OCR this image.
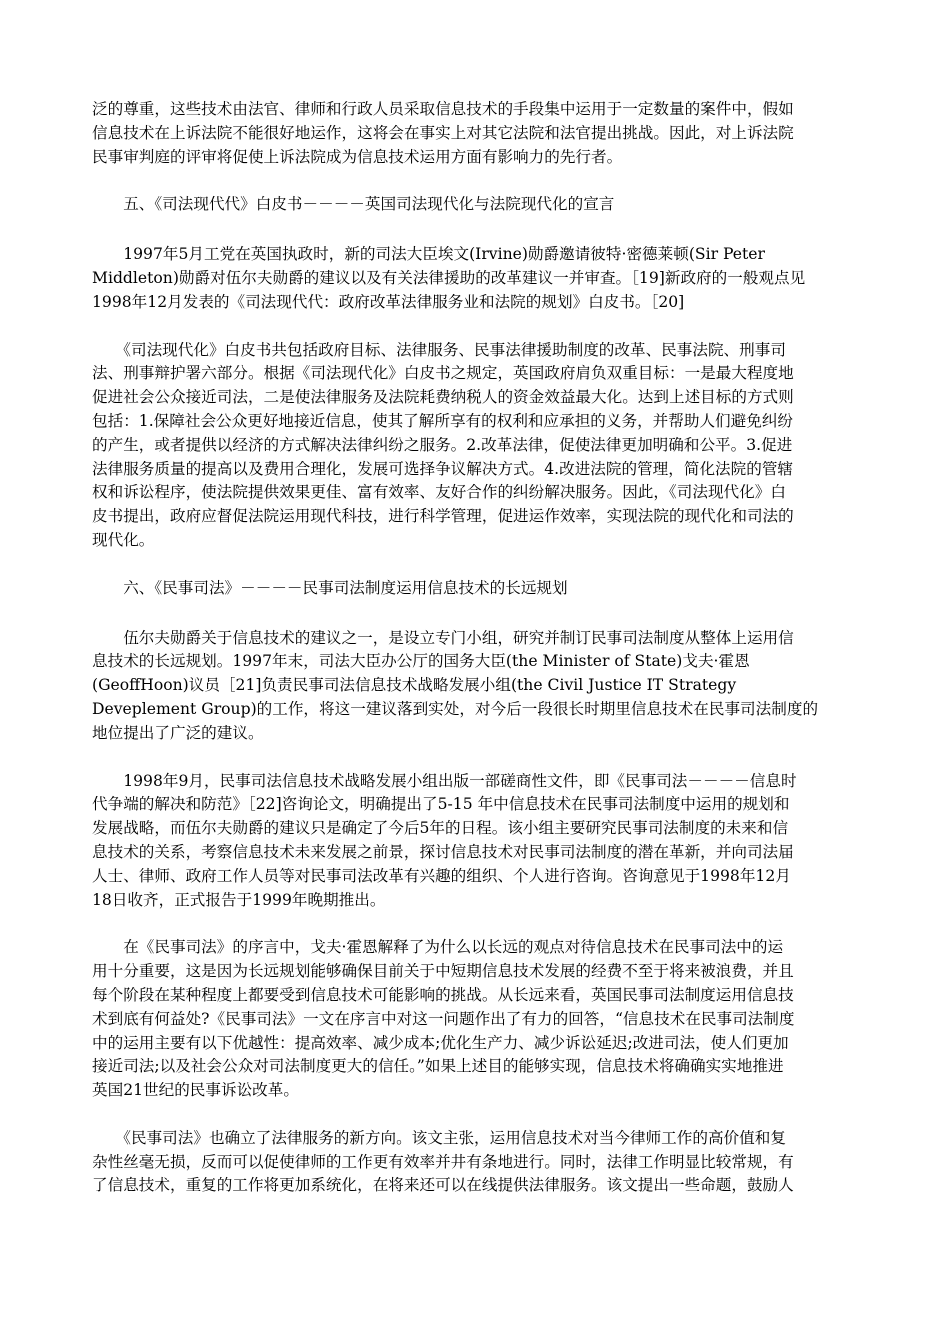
泛的尊重，这些技术由法官、律师和行政人员采取信息技术的手段集中运用于一定数量的案件中，假如
信息技术在上诉法院不能很好地运作，这将会在事实上对其它法院和法官提出挑战。因此，对上诉法院
民事审判庭的评审将促使上诉法院成为信息技术运用方面有影响力的先行者。

　　五、《司法现代代》白皮书－－－－英国司法现代化与法院现代化的宣言

　　1997年5月工党在英国执政时，新的司法大臣埃文(Irvine)勋爵邀请彼特·密德莱顿(Sir Peter
Middleton)勋爵对伍尔夫勋爵的建议以及有关法律援助的改革建议一并审查。［19]新政府的一般观点见
1998年12月发表的《司法现代代：政府改革法律服务业和法院的规划》白皮书。［20]

　　《司法现代化》白皮书共包括政府目标、法律服务、民事法律援助制度的改革、民事法院、刑事司
法、刑事辩护署六部分。根据《司法现代化》白皮书之规定，英国政府肩负双重目标：一是最大程度地
促进社会公众接近司法，二是使法律服务及法院耗费纳税人的资金效益最大化。达到上述目标的方式则
包括：1.保障社会公众更好地接近信息，使其了解所享有的权利和应承担的义务，并帮助人们避免纠纷
的产生，或者提供以经济的方式解决法律纠纷之服务。2.改革法律，促使法律更加明确和公平。3.促进
法律服务质量的提高以及费用合理化，发展可选择争议解决方式。4.改进法院的管理，简化法院的管辖
权和诉讼程序，使法院提供效果更佳、富有效率、友好合作的纠纷解决服务。因此，《司法现代化》白
皮书提出，政府应督促法院运用现代科技，进行科学管理，促进运作效率，实现法院的现代化和司法的
现代化。

　　六、《民事司法》－－－－民事司法制度运用信息技术的长远规划

　　伍尔夫勋爵关于信息技术的建议之一，是设立专门小组，研究并制订民事司法制度从整体上运用信
息技术的长远规划。1997年末，司法大臣办公厅的国务大臣(the Minister of State)戈夫·霍恩
(GeoffHoon)议员［21]负责民事司法信息技术战略发展小组(the Civil Justice IT Strategy
Deveplement Group)的工作，将这一建议落到实处，对今后一段很长时期里信息技术在民事司法制度的
地位提出了广泛的建议。

　　1998年9月，民事司法信息技术战略发展小组出版一部磋商性文件，即《民事司法－－－－信息时
代争端的解决和防范》［22]咨询论文，明确提出了5-15 年中信息技术在民事司法制度中运用的规划和
发展战略，而伍尔夫勋爵的建议只是确定了今后5年的日程。该小组主要研究民事司法制度的未来和信
息技术的关系，考察信息技术未来发展之前景，探讨信息技术对民事司法制度的潜在革新，并向司法届
人士、律师、政府工作人员等对民事司法改革有兴趣的组织、个人进行咨询。咨询意见于1998年12月
18日收齐，正式报告于1999年晚期推出。

　　在《民事司法》的序言中，戈夫·霍恩解释了为什么以长远的观点对待信息技术在民事司法中的运
用十分重要，这是因为长远规划能够确保目前关于中短期信息技术发展的经费不至于将来被浪费，并且
每个阶段在某种程度上都要受到信息技术可能影响的挑战。从长远来看，英国民事司法制度运用信息技
术到底有何益处?《民事司法》一文在序言中对这一问题作出了有力的回答，“信息技术在民事司法制度
中的运用主要有以下优越性：提高效率、减少成本;优化生产力、减少诉讼延迟;改进司法，使人们更加
接近司法;以及社会公众对司法制度更大的信任。”如果上述目的能够实现，信息技术将确确实实地推进
英国21世纪的民事诉讼改革。

　　《民事司法》也确立了法律服务的新方向。该文主张，运用信息技术对当今律师工作的高价值和复
杂性丝毫无损，反而可以促使律师的工作更有效率并井有条地进行。同时，法律工作明显比较常规，有
了信息技术，重复的工作将更加系统化，在将来还可以在线提供法律服务。该文提出一些命题，鼓励人
